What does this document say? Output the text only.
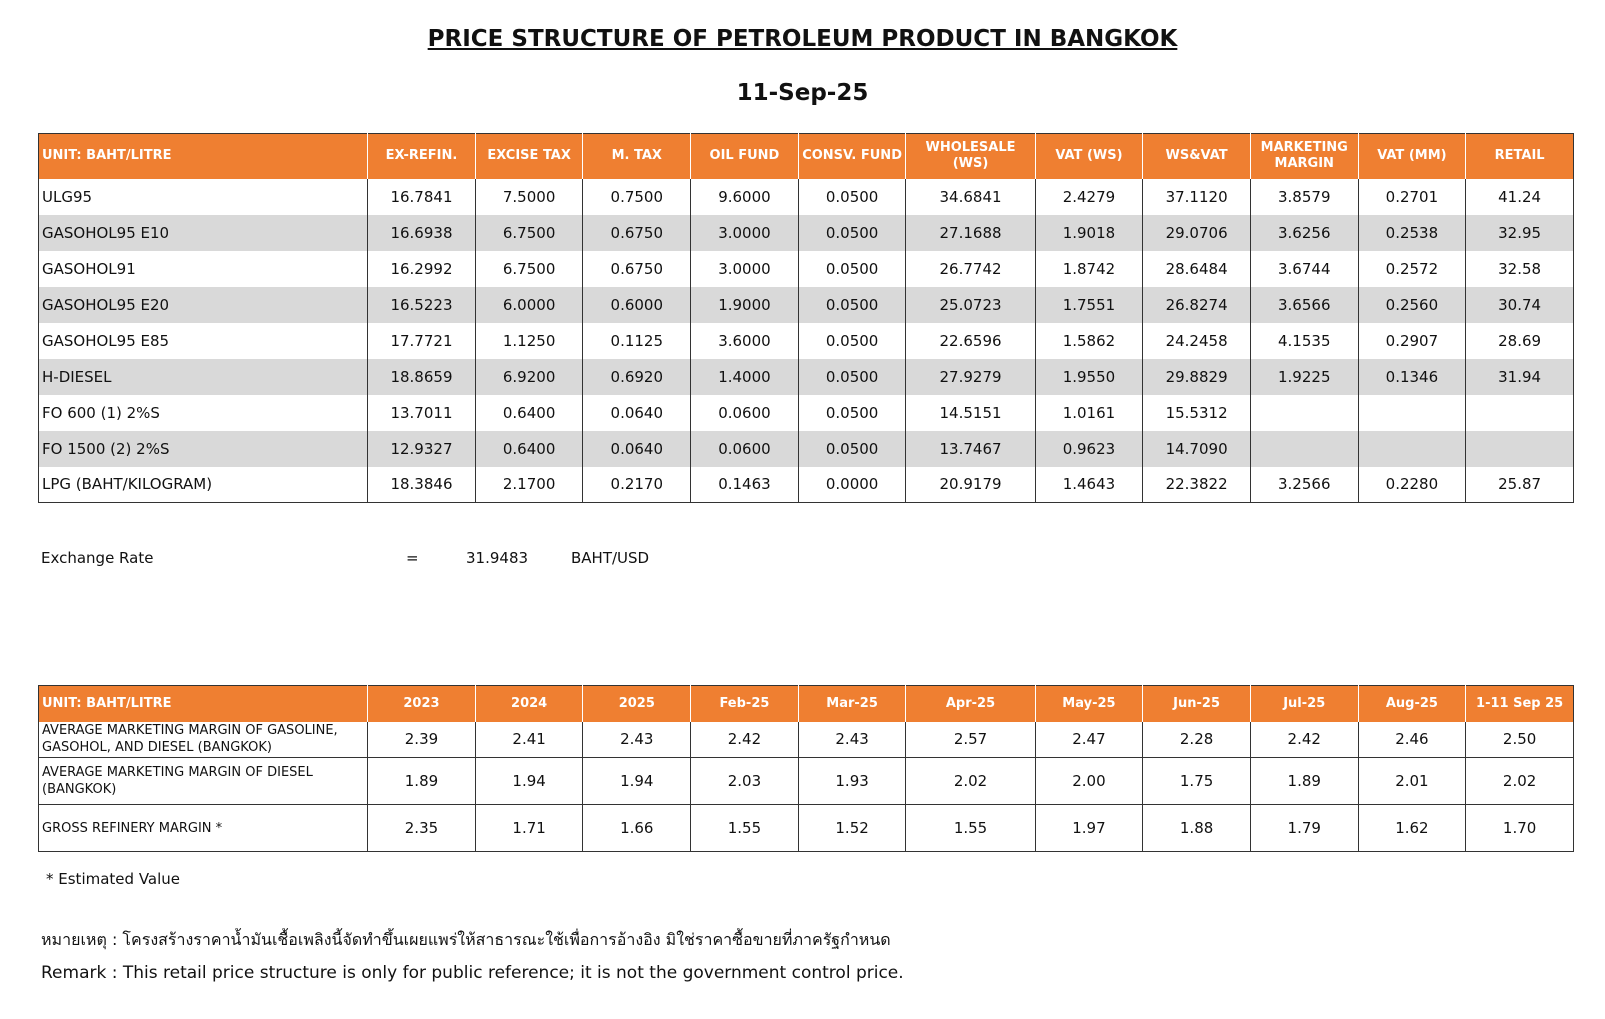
PRICE STRUCTURE OF PETROLEUM PRODUCT IN BANGKOK
11-Sep-25
UNIT: BAHT/LITRE	EX-REFIN.	EXCISE TAX	M. TAX	OIL FUND	CONSV. FUND	WHOLESALE (WS)	VAT (WS)	WS&VAT	MARKETING MARGIN	VAT (MM)	RETAIL
ULG95	16.7841	7.5000	0.7500	9.6000	0.0500	34.6841	2.4279	37.1120	3.8579	0.2701	41.24
GASOHOL95 E10	16.6938	6.7500	0.6750	3.0000	0.0500	27.1688	1.9018	29.0706	3.6256	0.2538	32.95
GASOHOL91	16.2992	6.7500	0.6750	3.0000	0.0500	26.7742	1.8742	28.6484	3.6744	0.2572	32.58
GASOHOL95 E20	16.5223	6.0000	0.6000	1.9000	0.0500	25.0723	1.7551	26.8274	3.6566	0.2560	30.74
GASOHOL95 E85	17.7721	1.1250	0.1125	3.6000	0.0500	22.6596	1.5862	24.2458	4.1535	0.2907	28.69
H-DIESEL	18.8659	6.9200	0.6920	1.4000	0.0500	27.9279	1.9550	29.8829	1.9225	0.1346	31.94
FO 600 (1) 2%S	13.7011	0.6400	0.0640	0.0600	0.0500	14.5151	1.0161	15.5312			
FO 1500 (2) 2%S	12.9327	0.6400	0.0640	0.0600	0.0500	13.7467	0.9623	14.7090			
LPG (BAHT/KILOGRAM)	18.3846	2.1700	0.2170	0.1463	0.0000	20.9179	1.4643	22.3822	3.2566	0.2280	25.87
Exchange Rate	=	31.9483	BAHT/USD
UNIT: BAHT/LITRE	2023	2024	2025	Feb-25	Mar-25	Apr-25	May-25	Jun-25	Jul-25	Aug-25	1-11 Sep 25
AVERAGE MARKETING MARGIN OF GASOLINE, GASOHOL, AND DIESEL (BANGKOK)	2.39	2.41	2.43	2.42	2.43	2.57	2.47	2.28	2.42	2.46	2.50
AVERAGE MARKETING MARGIN OF DIESEL (BANGKOK)	1.89	1.94	1.94	2.03	1.93	2.02	2.00	1.75	1.89	2.01	2.02
GROSS REFINERY MARGIN *	2.35	1.71	1.66	1.55	1.52	1.55	1.97	1.88	1.79	1.62	1.70
* Estimated Value
หมายเหตุ : โครงสร้างราคาน้ำมันเชื้อเพลิงนี้จัดทำขึ้นเผยแพร่ให้สาธารณะใช้เพื่อการอ้างอิง มิใช่ราคาซื้อขายที่ภาครัฐกำหนด
Remark : This retail price structure is only for public reference; it is not the government control price.
